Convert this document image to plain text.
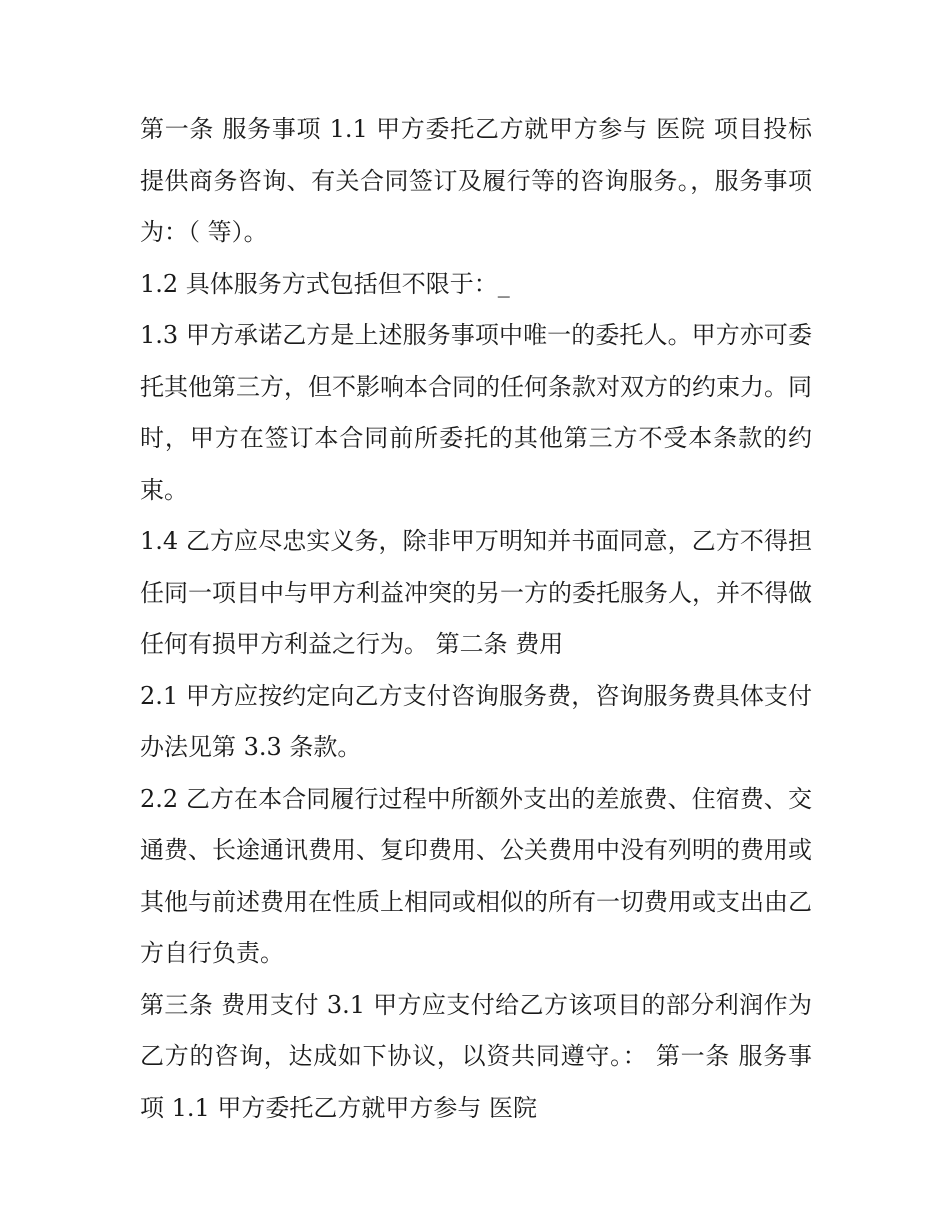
第一条 服务事项 1.1 甲方委托乙方就甲方参与 医院 项目投标提供商务咨询、有关合同签订及履行等的咨询服务。，服务事项为：（ 等）。

1.2 具体服务方式包括但不限于：_

1.3 甲方承诺乙方是上述服务事项中唯一的委托人。甲方亦可委托其他第三方，但不影响本合同的任何条款对双方的约束力。同时，甲方在签订本合同前所委托的其他第三方不受本条款的约束。

1.4 乙方应尽忠实义务，除非甲万明知并书面同意，乙方不得担任同一项目中与甲方利益冲突的另一方的委托服务人，并不得做任何有损甲方利益之行为。 第二条 费用

2.1 甲方应按约定向乙方支付咨询服务费，咨询服务费具体支付办法见第 3.3 条款。

2.2 乙方在本合同履行过程中所额外支出的差旅费、住宿费、交通费、长途通讯费用、复印费用、公关费用中没有列明的费用或其他与前述费用在性质上相同或相似的所有一切费用或支出由乙方自行负责。

第三条 费用支付 3.1 甲方应支付给乙方该项目的部分利润作为乙方的咨询，达成如下协议，以资共同遵守。： 第一条 服务事项 1.1 甲方委托乙方就甲方参与 医院
